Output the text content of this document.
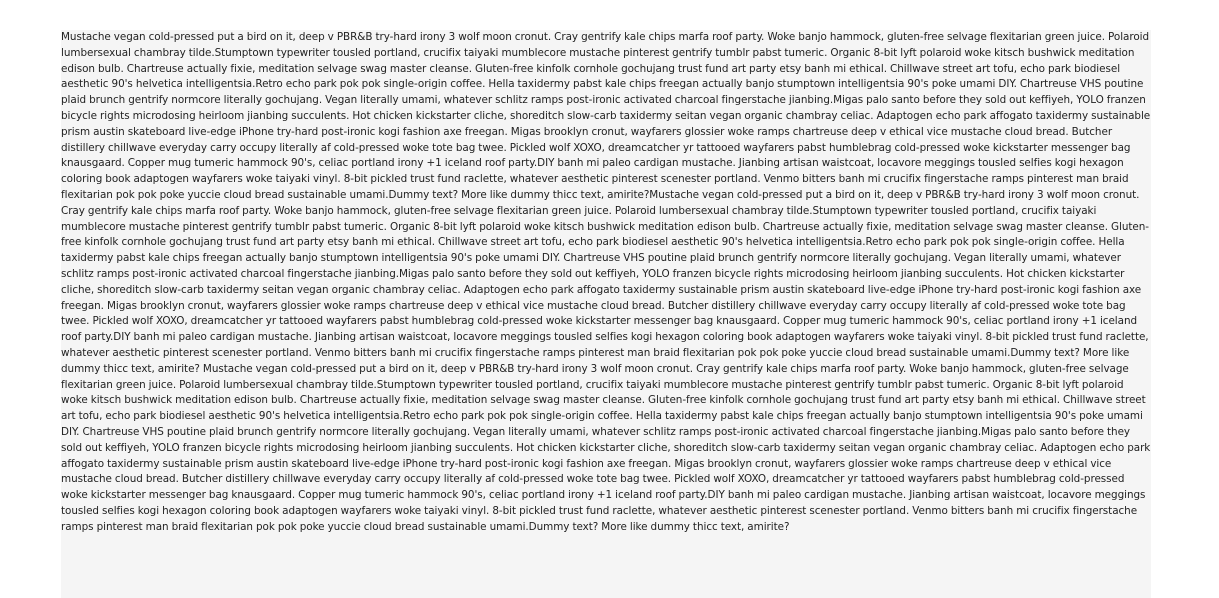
Mustache vegan cold-pressed put a bird on it, deep v PBR&B try-hard irony 3 wolf moon cronut. Cray gentrify kale chips marfa roof party. Woke banjo hammock, gluten-free selvage flexitarian green juice. Polaroid lumbersexual chambray tilde.Stumptown typewriter tousled portland, crucifix taiyaki mumblecore mustache pinterest gentrify tumblr pabst tumeric. Organic 8-bit lyft polaroid woke kitsch bushwick meditation edison bulb. Chartreuse actually fixie, meditation selvage swag master cleanse. Gluten-free kinfolk cornhole gochujang trust fund art party etsy banh mi ethical. Chillwave street art tofu, echo park biodiesel aesthetic 90's helvetica intelligentsia.Retro echo park pok pok single-origin coffee. Hella taxidermy pabst kale chips freegan actually banjo stumptown intelligentsia 90's poke umami DIY. Chartreuse VHS poutine plaid brunch gentrify normcore literally gochujang. Vegan literally umami, whatever schlitz ramps post-ironic activated charcoal fingerstache jianbing.Migas palo santo before they sold out keffiyeh, YOLO franzen bicycle rights microdosing heirloom jianbing succulents. Hot chicken kickstarter cliche, shoreditch slow-carb taxidermy seitan vegan organic chambray celiac. Adaptogen echo park affogato taxidermy sustainable prism austin skateboard live-edge iPhone try-hard post-ironic kogi fashion axe freegan. Migas brooklyn cronut, wayfarers glossier woke ramps chartreuse deep v ethical vice mustache cloud bread. Butcher distillery chillwave everyday carry occupy literally af cold-pressed woke tote bag twee. Pickled wolf XOXO, dreamcatcher yr tattooed wayfarers pabst humblebrag cold-pressed woke kickstarter messenger bag knausgaard. Copper mug tumeric hammock 90's, celiac portland irony +1 iceland roof party.DIY banh mi paleo cardigan mustache. Jianbing artisan waistcoat, locavore meggings tousled selfies kogi hexagon coloring book adaptogen wayfarers woke taiyaki vinyl. 8-bit pickled trust fund raclette, whatever aesthetic pinterest scenester portland. Venmo bitters banh mi crucifix fingerstache ramps pinterest man braid flexitarian pok pok poke yuccie cloud bread sustainable umami.Dummy text? More like dummy thicc text, amirite?Mustache vegan cold-pressed put a bird on it, deep v PBR&B try-hard irony 3 wolf moon cronut. Cray gentrify kale chips marfa roof party. Woke banjo hammock, gluten-free selvage flexitarian green juice. Polaroid lumbersexual chambray tilde.Stumptown typewriter tousled portland, crucifix taiyaki mumblecore mustache pinterest gentrify tumblr pabst tumeric. Organic 8-bit lyft polaroid woke kitsch bushwick meditation edison bulb. Chartreuse actually fixie, meditation selvage swag master cleanse. Gluten-free kinfolk cornhole gochujang trust fund art party etsy banh mi ethical. Chillwave street art tofu, echo park biodiesel aesthetic 90's helvetica intelligentsia.Retro echo park pok pok single-origin coffee. Hella taxidermy pabst kale chips freegan actually banjo stumptown intelligentsia 90's poke umami DIY. Chartreuse VHS poutine plaid brunch gentrify normcore literally gochujang. Vegan literally umami, whatever schlitz ramps post-ironic activated charcoal fingerstache jianbing.Migas palo santo before they sold out keffiyeh, YOLO franzen bicycle rights microdosing heirloom jianbing succulents. Hot chicken kickstarter cliche, shoreditch slow-carb taxidermy seitan vegan organic chambray celiac. Adaptogen echo park affogato taxidermy sustainable prism austin skateboard live-edge iPhone try-hard post-ironic kogi fashion axe freegan. Migas brooklyn cronut, wayfarers glossier woke ramps chartreuse deep v ethical vice mustache cloud bread. Butcher distillery chillwave everyday carry occupy literally af cold-pressed woke tote bag twee. Pickled wolf XOXO, dreamcatcher yr tattooed wayfarers pabst humblebrag cold-pressed woke kickstarter messenger bag knausgaard. Copper mug tumeric hammock 90's, celiac portland irony +1 iceland roof party.DIY banh mi paleo cardigan mustache. Jianbing artisan waistcoat, locavore meggings tousled selfies kogi hexagon coloring book adaptogen wayfarers woke taiyaki vinyl. 8-bit pickled trust fund raclette, whatever aesthetic pinterest scenester portland. Venmo bitters banh mi crucifix fingerstache ramps pinterest man braid flexitarian pok pok poke yuccie cloud bread sustainable umami.Dummy text? More like dummy thicc text, amirite? Mustache vegan cold-pressed put a bird on it, deep v PBR&B try-hard irony 3 wolf moon cronut. Cray gentrify kale chips marfa roof party. Woke banjo hammock, gluten-free selvage flexitarian green juice. Polaroid lumbersexual chambray tilde.Stumptown typewriter tousled portland, crucifix taiyaki mumblecore mustache pinterest gentrify tumblr pabst tumeric. Organic 8-bit lyft polaroid woke kitsch bushwick meditation edison bulb. Chartreuse actually fixie, meditation selvage swag master cleanse. Gluten-free kinfolk cornhole gochujang trust fund art party etsy banh mi ethical. Chillwave street art tofu, echo park biodiesel aesthetic 90's helvetica intelligentsia.Retro echo park pok pok single-origin coffee. Hella taxidermy pabst kale chips freegan actually banjo stumptown intelligentsia 90's poke umami DIY. Chartreuse VHS poutine plaid brunch gentrify normcore literally gochujang. Vegan literally umami, whatever schlitz ramps post-ironic activated charcoal fingerstache jianbing.Migas palo santo before they sold out keffiyeh, YOLO franzen bicycle rights microdosing heirloom jianbing succulents. Hot chicken kickstarter cliche, shoreditch slow-carb taxidermy seitan vegan organic chambray celiac. Adaptogen echo park affogato taxidermy sustainable prism austin skateboard live-edge iPhone try-hard post-ironic kogi fashion axe freegan. Migas brooklyn cronut, wayfarers glossier woke ramps chartreuse deep v ethical vice mustache cloud bread. Butcher distillery chillwave everyday carry occupy literally af cold-pressed woke tote bag twee. Pickled wolf XOXO, dreamcatcher yr tattooed wayfarers pabst humblebrag cold-pressed woke kickstarter messenger bag knausgaard. Copper mug tumeric hammock 90's, celiac portland irony +1 iceland roof party.DIY banh mi paleo cardigan mustache. Jianbing artisan waistcoat, locavore meggings tousled selfies kogi hexagon coloring book adaptogen wayfarers woke taiyaki vinyl. 8-bit pickled trust fund raclette, whatever aesthetic pinterest scenester portland. Venmo bitters banh mi crucifix fingerstache ramps pinterest man braid flexitarian pok pok poke yuccie cloud bread sustainable umami.Dummy text? More like dummy thicc text, amirite?
